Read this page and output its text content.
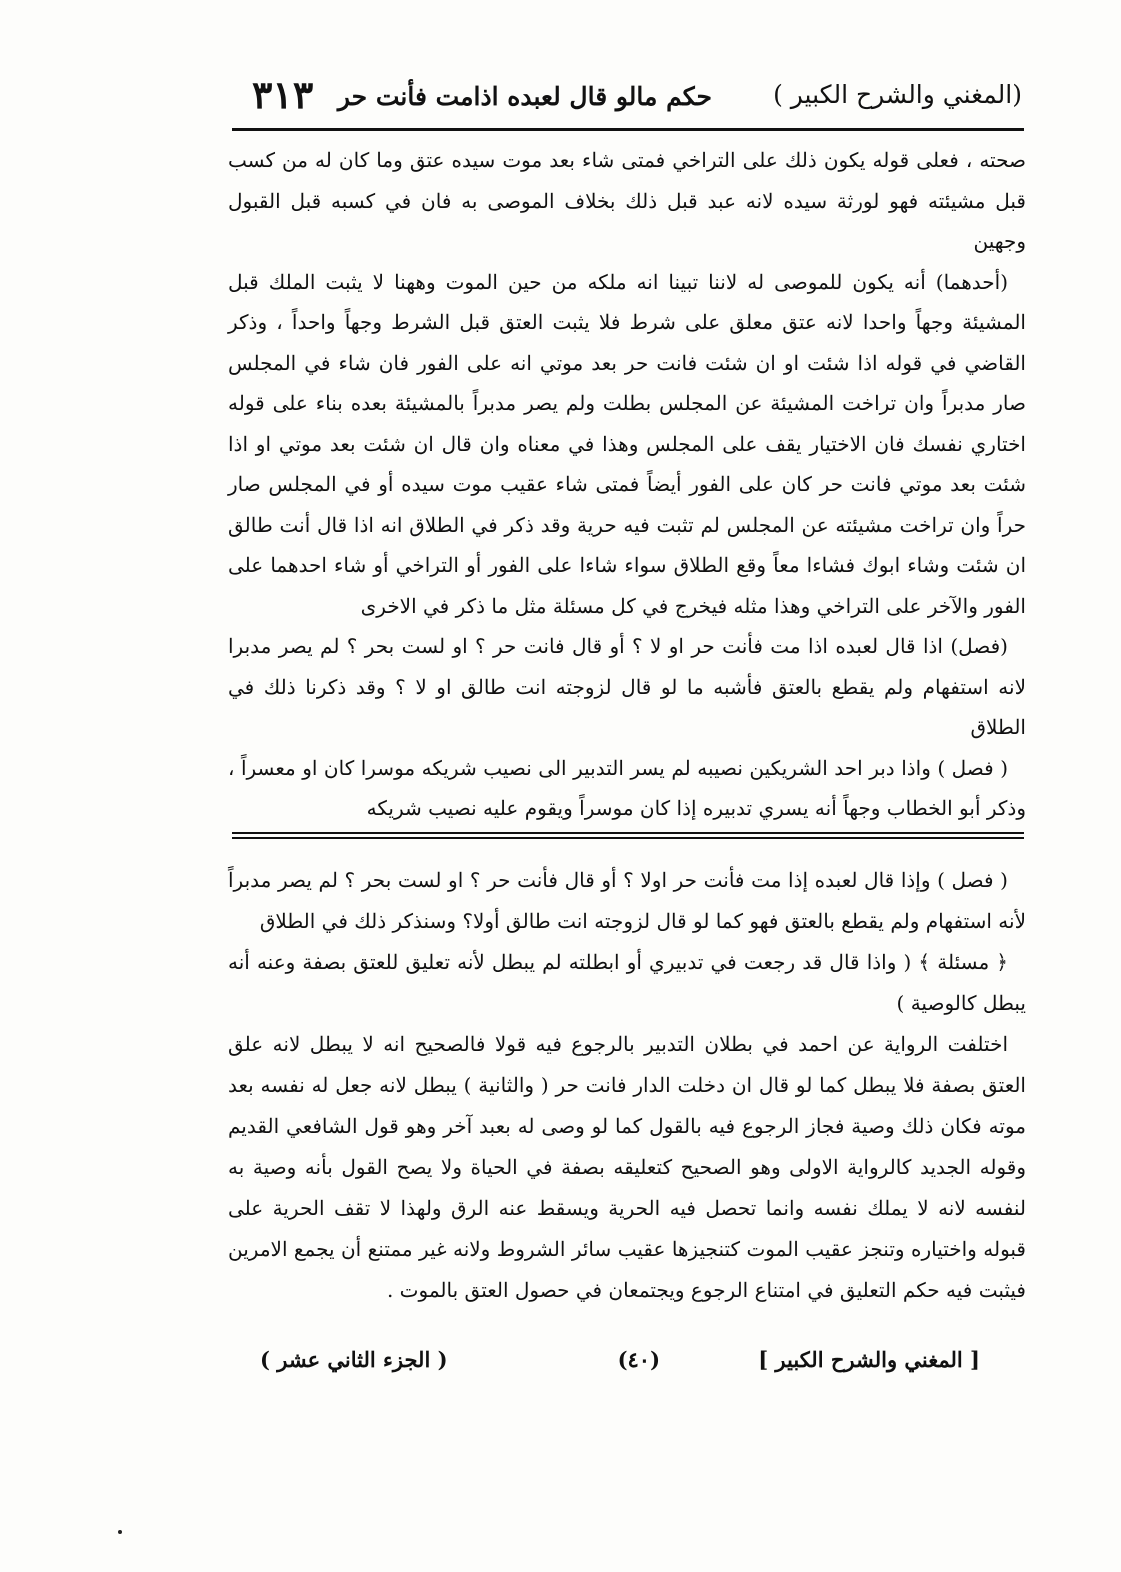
(المغني والشرح الكبير )
حكم مالو قال لعبده اذامت فأنت حر
٣١٣

صحته ، فعلى قوله يكون ذلك على التراخي فمتى شاء بعد موت سيده عتق وما كان له من كسب قبل مشيئته فهو لورثة سيده لانه عبد قبل ذلك بخلاف الموصى به فان في كسبه قبل القبول وجهين

(أحدهما) أنه يكون للموصى له لاننا تبينا انه ملكه من حين الموت وههنا لا يثبت الملك قبل المشيئة وجهاً واحدا لانه عتق معلق على شرط فلا يثبت العتق قبل الشرط وجهاً واحداً ، وذكر القاضي في قوله اذا شئت او ان شئت فانت حر بعد موتي انه على الفور فان شاء في المجلس صار مدبراً وان تراخت المشيئة عن المجلس بطلت ولم يصر مدبراً بالمشيئة بعده بناء على قوله اختاري نفسك فان الاختيار يقف على المجلس وهذا في معناه وان قال ان شئت بعد موتي او اذا شئت بعد موتي فانت حر كان على الفور أيضاً فمتى شاء عقيب موت سيده أو في المجلس صار حراً وان تراخت مشيئته عن المجلس لم تثبت فيه حرية وقد ذكر في الطلاق انه اذا قال أنت طالق ان شئت وشاء ابوك فشاءا معاً وقع الطلاق سواء شاءا على الفور أو التراخي أو شاء احدهما على الفور والآخر على التراخي وهذا مثله فيخرج في كل مسئلة مثل ما ذكر في الاخرى

(فصل) اذا قال لعبده اذا مت فأنت حر او لا ؟ أو قال فانت حر ؟ او لست بحر ؟ لم يصر مدبرا لانه استفهام ولم يقطع بالعتق فأشبه ما لو قال لزوجته انت طالق او لا ؟ وقد ذكرنا ذلك في الطلاق

( فصل ) واذا دبر احد الشريكين نصيبه لم يسر التدبير الى نصيب شريكه موسرا كان او معسراً ، وذكر أبو الخطاب وجهاً أنه يسري تدبيره إذا كان موسراً ويقوم عليه نصيب شريكه

( فصل ) وإذا قال لعبده إذا مت فأنت حر اولا ؟ أو قال فأنت حر ؟ او لست بحر ؟ لم يصر مدبراً لأنه استفهام ولم يقطع بالعتق فهو كما لو قال لزوجته انت طالق أولا؟ وسنذكر ذلك في الطلاق

﴿ مسئلة ﴾ ( واذا قال قد رجعت في تدبيري أو ابطلته لم يبطل لأنه تعليق للعتق بصفة وعنه أنه يبطل كالوصية )

اختلفت الرواية عن احمد في بطلان التدبير بالرجوع فيه قولا فالصحيح انه لا يبطل لانه علق العتق بصفة فلا يبطل كما لو قال ان دخلت الدار فانت حر ( والثانية ) يبطل لانه جعل له نفسه بعد موته فكان ذلك وصية فجاز الرجوع فيه بالقول كما لو وصى له بعبد آخر وهو قول الشافعي القديم وقوله الجديد كالرواية الاولى وهو الصحيح كتعليقه بصفة في الحياة ولا يصح القول بأنه وصية به لنفسه لانه لا يملك نفسه وانما تحصل فيه الحرية ويسقط عنه الرق ولهذا لا تقف الحرية على قبوله واختياره وتنجز عقيب الموت كتنجيزها عقيب سائر الشروط ولانه غير ممتنع أن يجمع الامرين فيثبت فيه حكم التعليق في امتناع الرجوع ويجتمعان في حصول العتق بالموت .

[ المغني والشرح الكبير ]
(٤٠)
( الجزء الثاني عشر )
